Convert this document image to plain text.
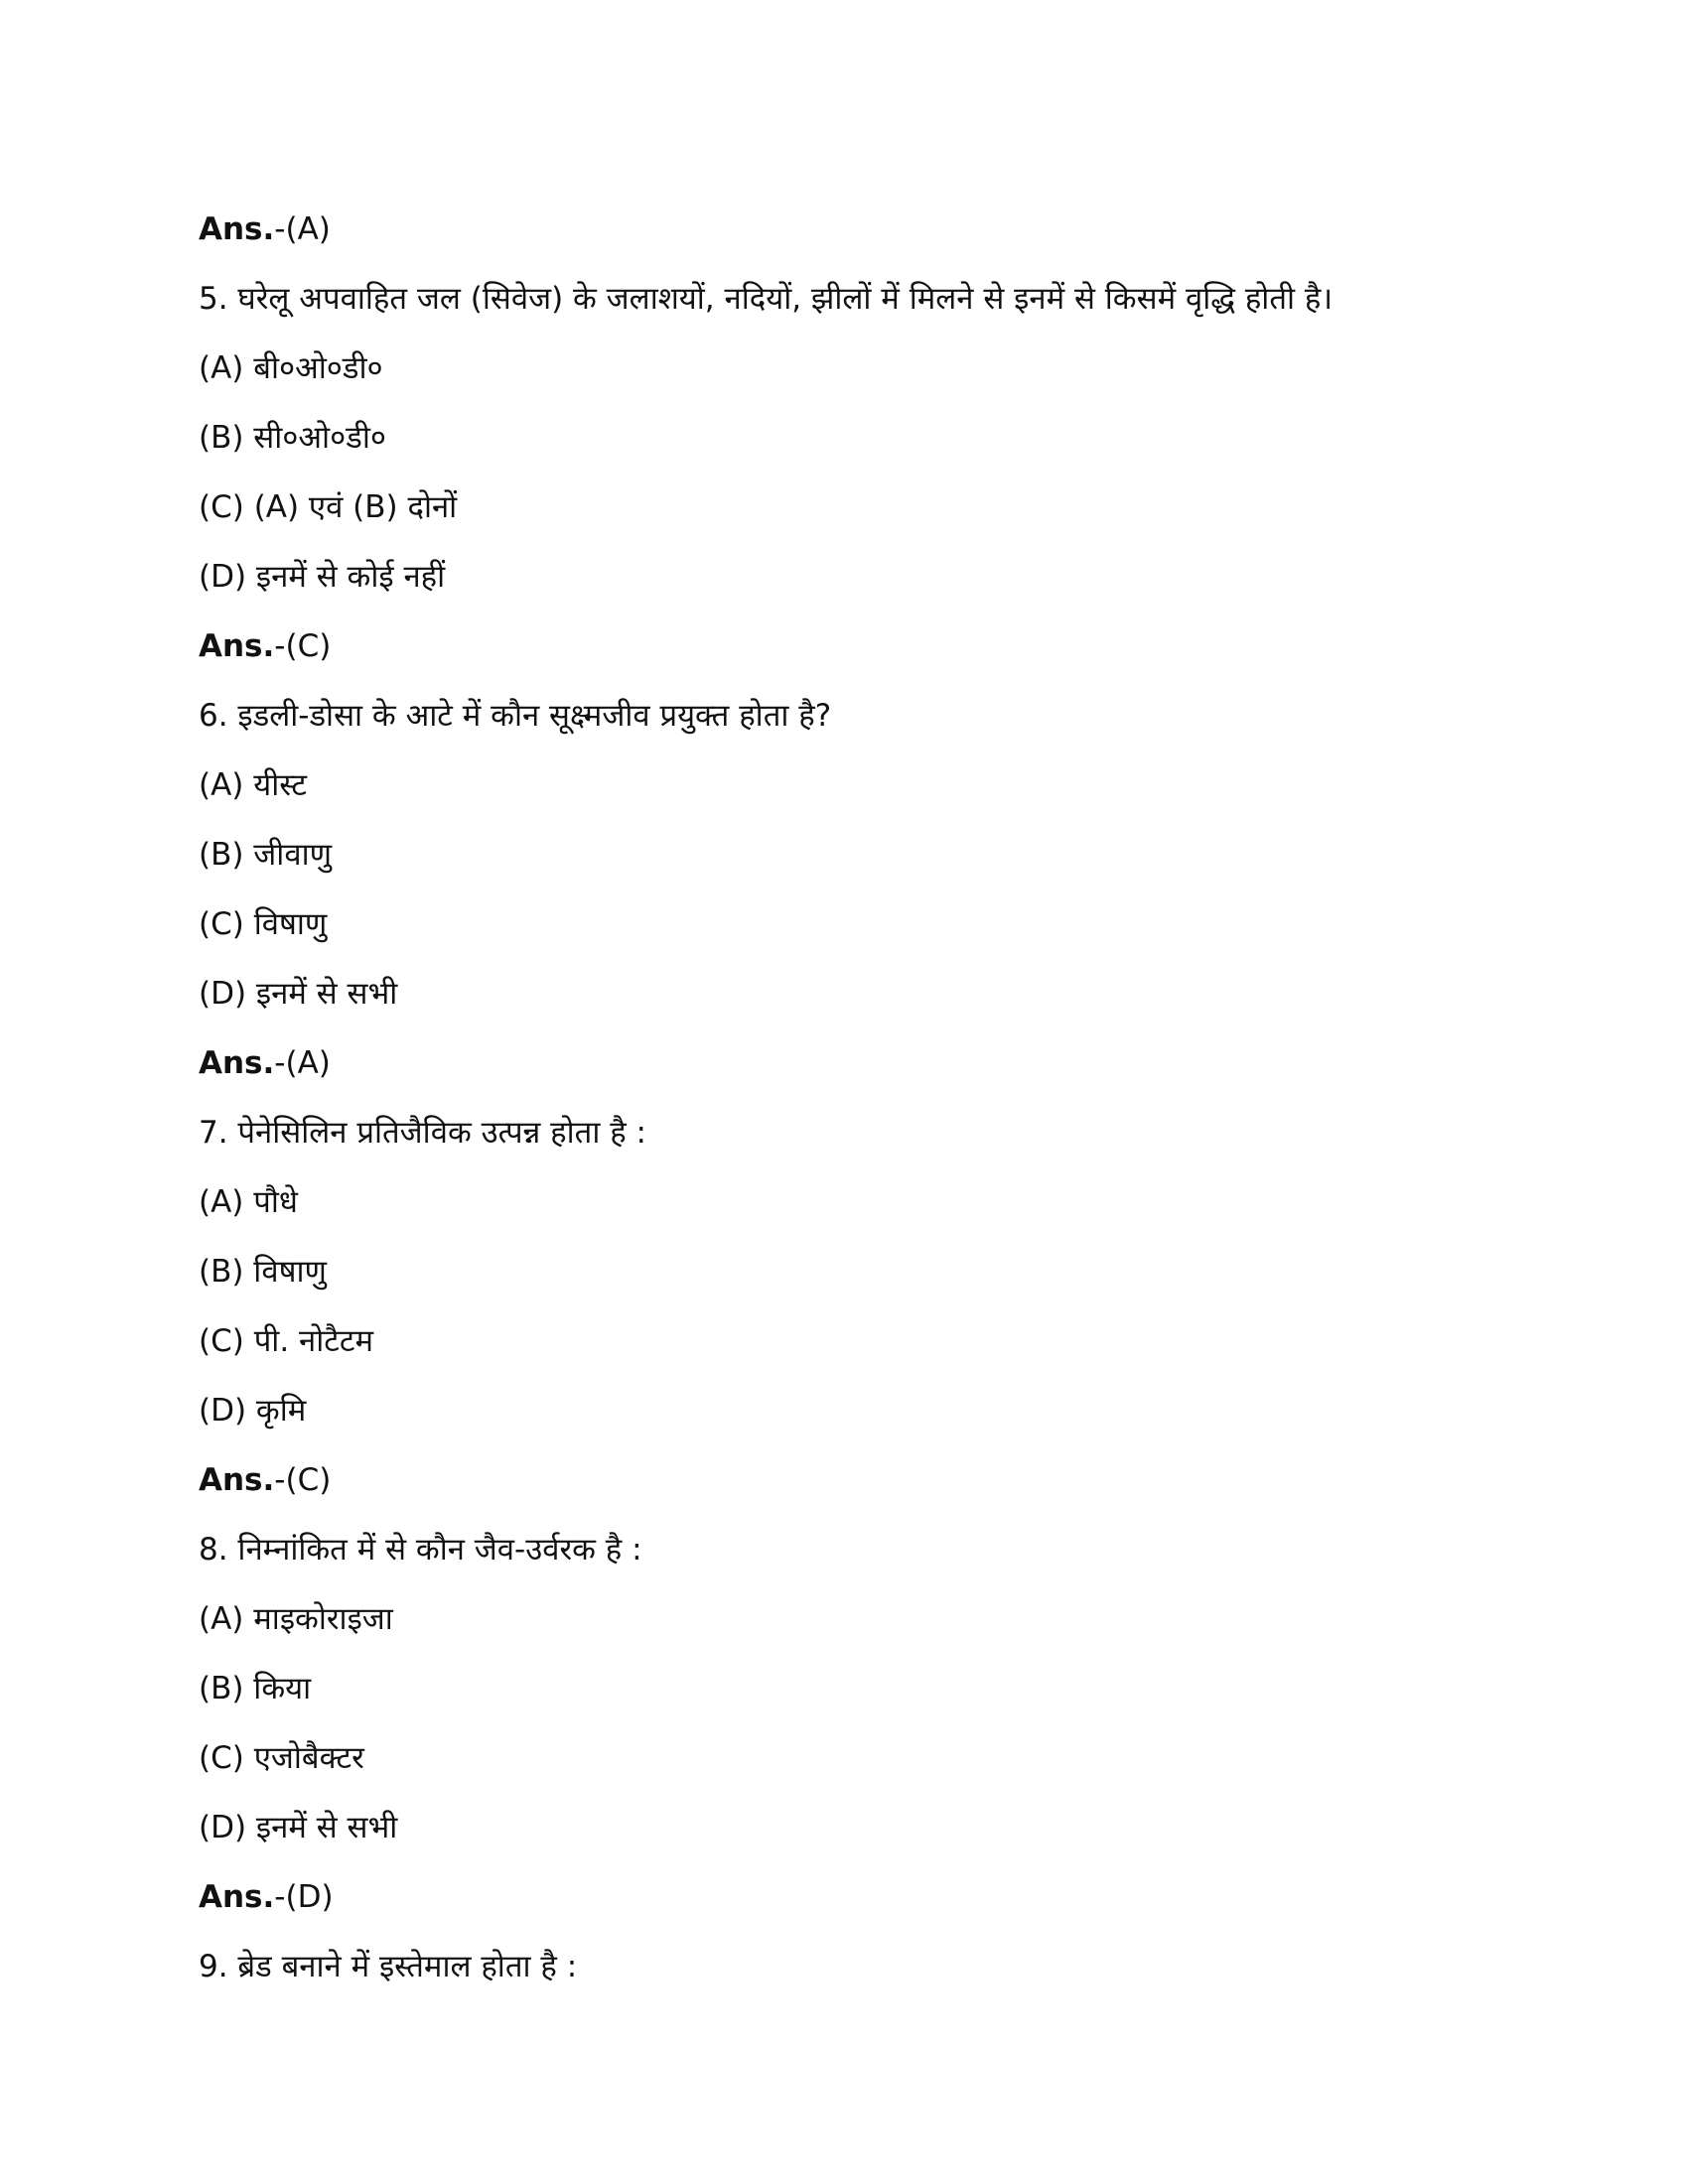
Ans.-(A)
5. घरेलू अपवाहित जल (सिवेज) के जलाशयों, नदियों, झीलों में मिलने से इनमें से किसमें वृद्धि होती है।
(A) बी०ओ०डी०
(B) सी०ओ०डी०
(C) (A) एवं (B) दोनों
(D) इनमें से कोई नहीं
Ans.-(C)
6. इडली-डोसा के आटे में कौन सूक्ष्मजीव प्रयुक्त होता है?
(A) यीस्ट
(B) जीवाणु
(C) विषाणु
(D) इनमें से सभी
Ans.-(A)
7. पेनेसिलिन प्रतिजैविक उत्पन्न होता है :
(A) पौधे
(B) विषाणु
(C) पी. नोटैटम
(D) कृमि
Ans.-(C)
8. निम्नांकित में से कौन जैव-उर्वरक है :
(A) माइकोराइजा
(B) किया
(C) एजोबैक्टर
(D) इनमें से सभी
Ans.-(D)
9. ब्रेड बनाने में इस्तेमाल होता है :
